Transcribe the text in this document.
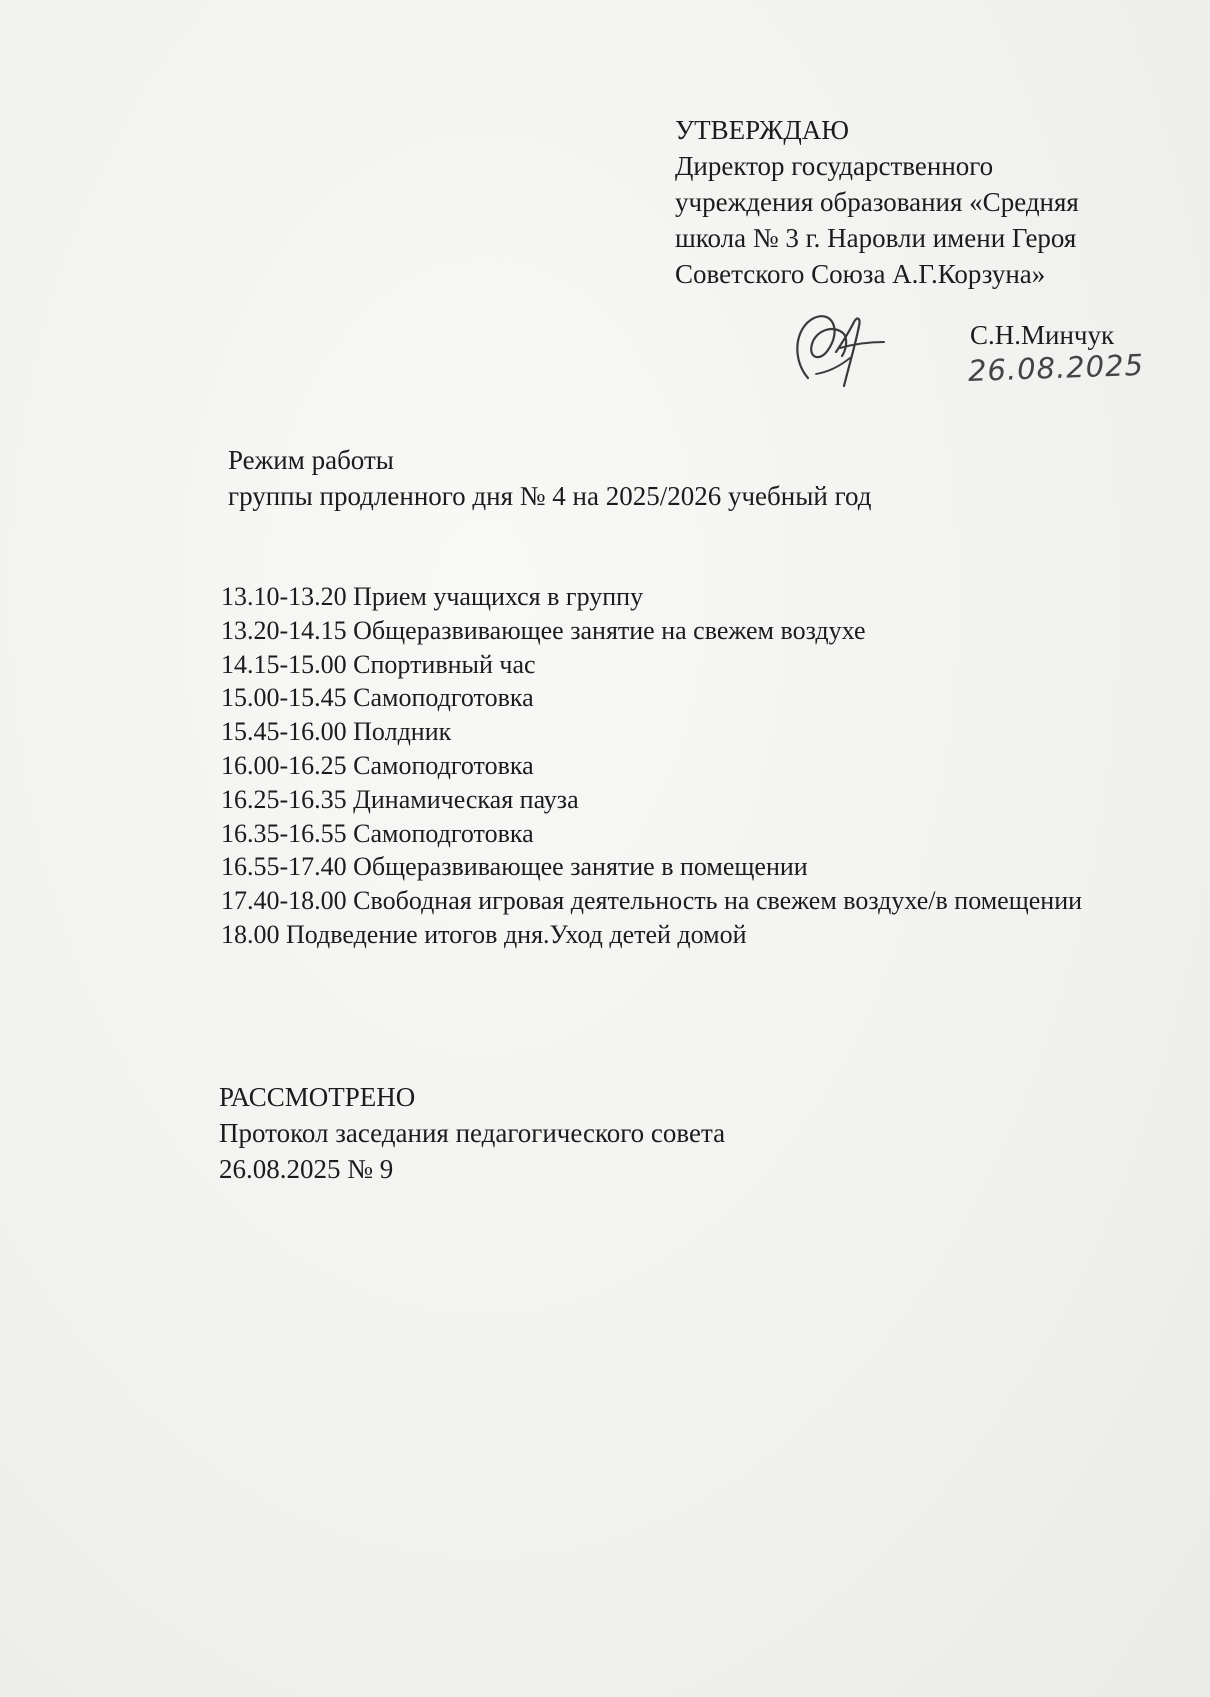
УТВЕРЖДАЮ
Директор государственного
учреждения образования «Средняя
школа № 3 г. Наровли имени Героя
Советского Союза А.Г.Корзуна»
С.Н.Минчук
26.08.2025
Режим работы
группы продленного дня № 4 на 2025/2026 учебный год
13.10-13.20 Прием учащихся в группу
13.20-14.15 Общеразвивающее занятие на свежем воздухе
14.15-15.00 Спортивный час
15.00-15.45 Самоподготовка
15.45-16.00 Полдник
16.00-16.25 Самоподготовка
16.25-16.35 Динамическая пауза
16.35-16.55 Самоподготовка
16.55-17.40 Общеразвивающее занятие в помещении
17.40-18.00 Свободная игровая деятельность на свежем воздухе/в помещении
18.00 Подведение итогов дня.Уход детей домой
РАССМОТРЕНО
Протокол заседания педагогического совета
26.08.2025 № 9
